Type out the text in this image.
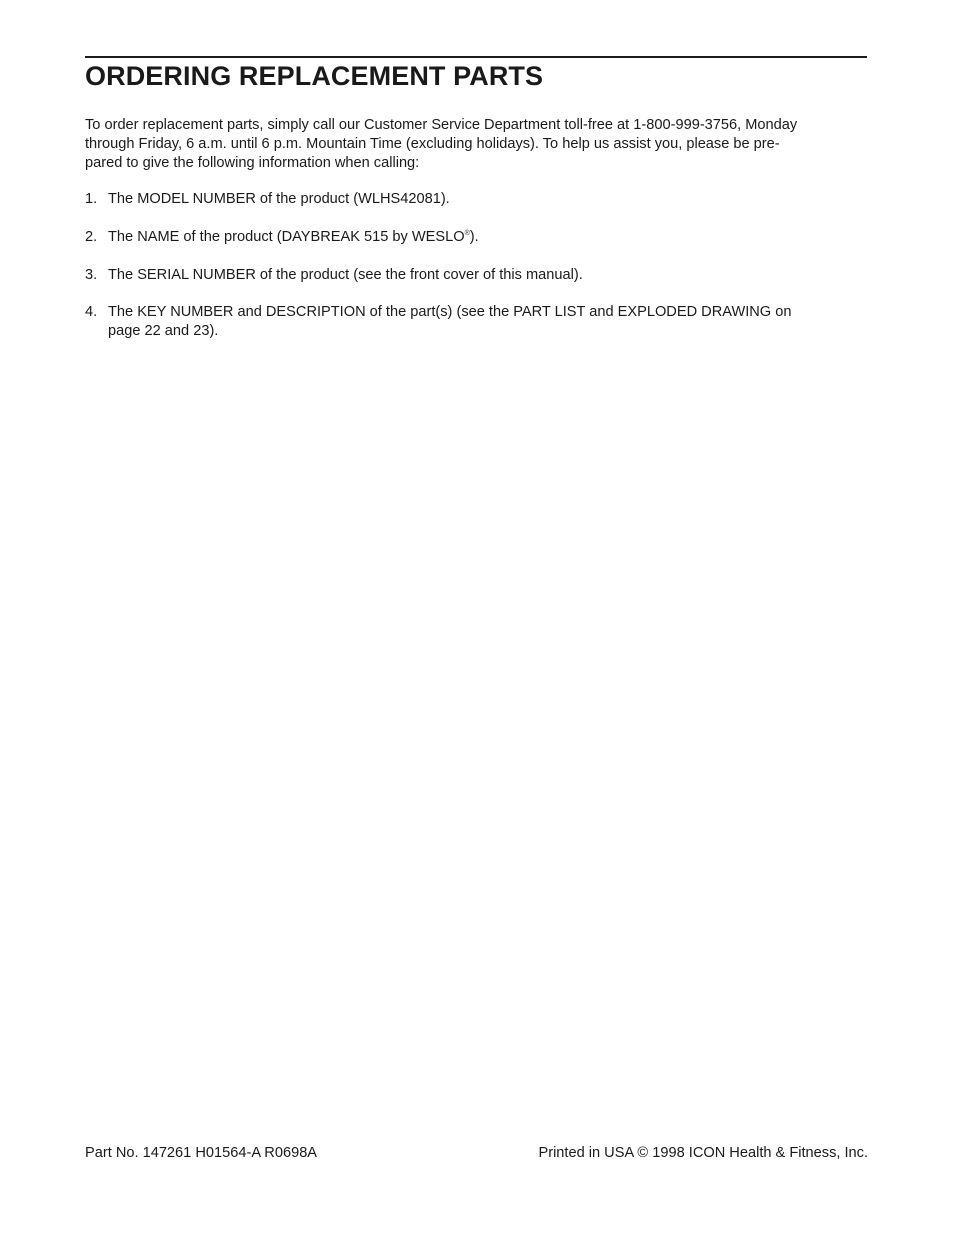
ORDERING REPLACEMENT PARTS

To order replacement parts, simply call our Customer Service Department toll-free at 1-800-999-3756, Monday

through Friday, 6 a.m. until 6 p.m. Mountain Time (excluding holidays). To help us assist you, please be pre-

pared to give the following information when calling:

1. The MODEL NUMBER of the product (WLHS42081).
2. The NAME of the product (DAYBREAK 515 by WESLO®).
3. The SERIAL NUMBER of the product (see the front cover of this manual).
4. The KEY NUMBER and DESCRIPTION of the part(s) (see the PART LIST and EXPLODED DRAWING on
page 22 and 23).
Part No. 147261 H01564-A R0698A	Printed in USA © 1998 ICON Health & Fitness, Inc.
